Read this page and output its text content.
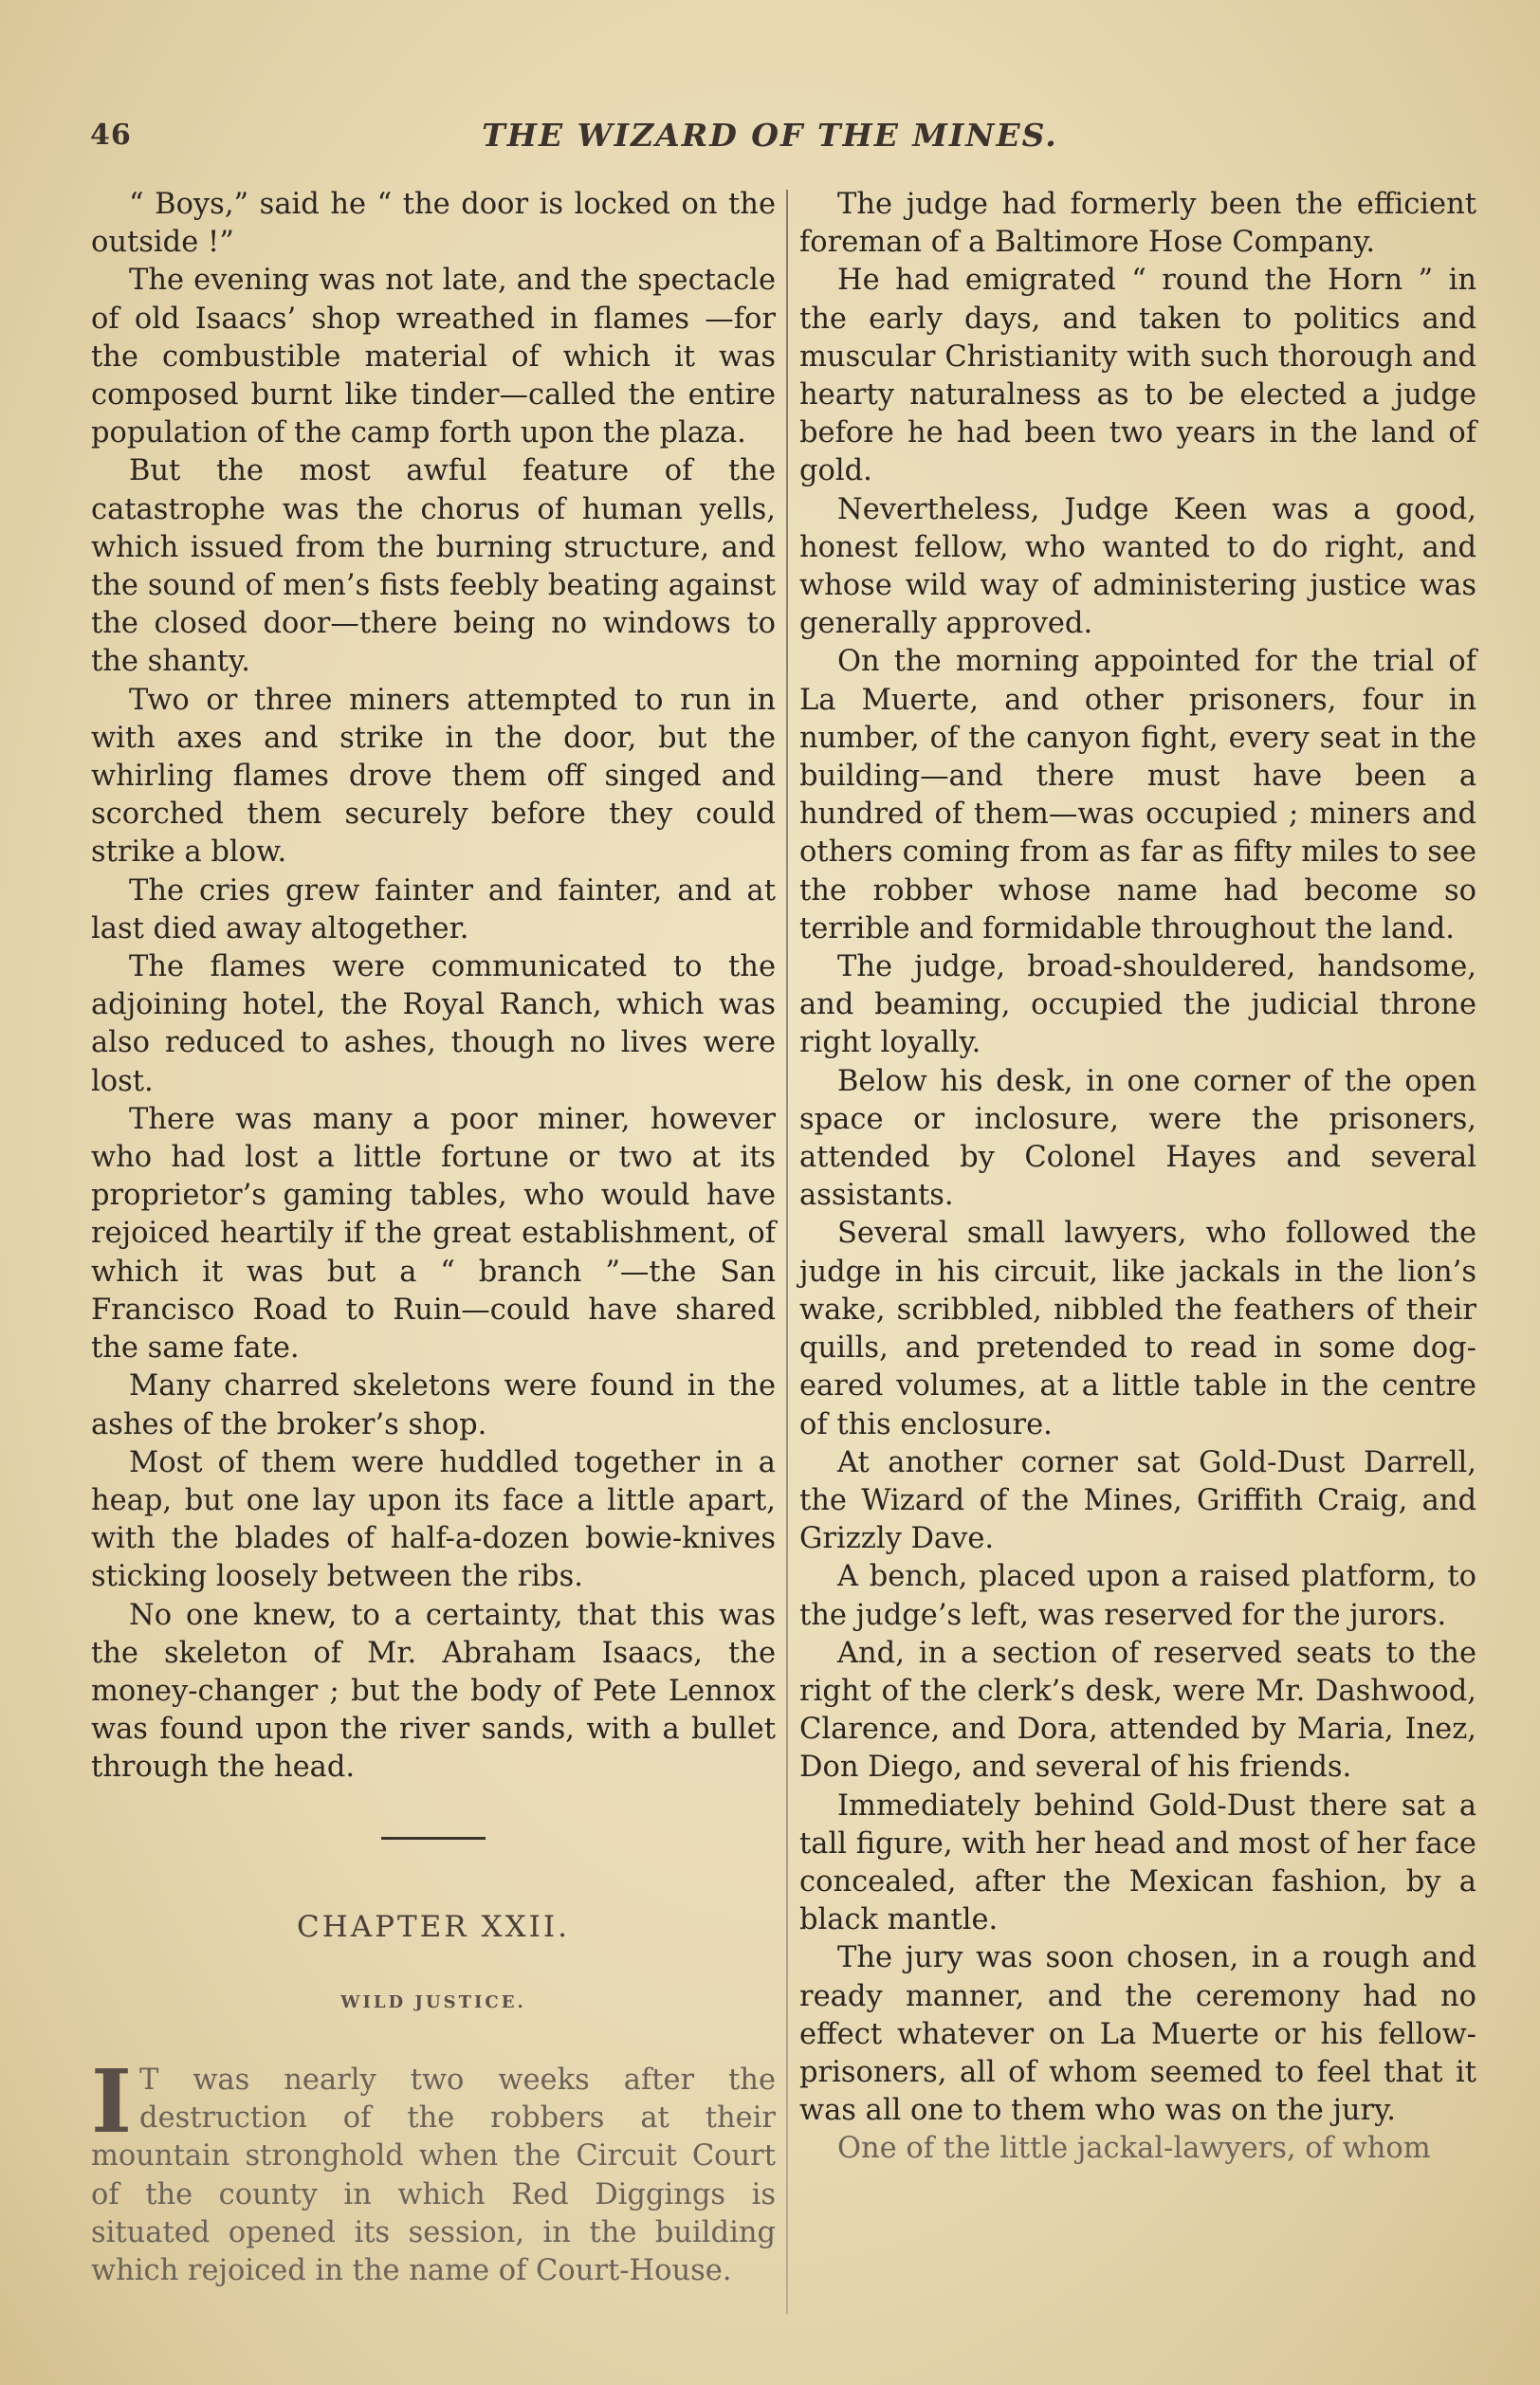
46	THE WIZARD OF THE MINES.

“ Boys,” said he “ the door is locked on the outside !”

The evening was not late, and the spectacle of old Isaacs’ shop wreathed in flames —for the combustible material of which it was composed burnt like tinder—called the entire population of the camp forth upon the plaza.

But the most awful feature of the catastrophe was the chorus of human yells, which issued from the burning structure, and the sound of men’s fists feebly beating against the closed door—there being no windows to the shanty.

Two or three miners attempted to run in with axes and strike in the door, but the whirling flames drove them off singed and scorched them securely before they could strike a blow.

The cries grew fainter and fainter, and at last died away altogether.

The flames were communicated to the adjoining hotel, the Royal Ranch, which was also reduced to ashes, though no lives were lost.

There was many a poor miner, however who had lost a little fortune or two at its proprietor’s gaming tables, who would have rejoiced heartily if the great establishment, of which it was but a “ branch ”—the San Francisco Road to Ruin—could have shared the same fate.

Many charred skeletons were found in the ashes of the broker’s shop.

Most of them were huddled together in a heap, but one lay upon its face a little apart, with the blades of half-a-dozen bowie-knives sticking loosely between the ribs.

No one knew, to a certainty, that this was the skeleton of Mr. Abraham Isaacs, the money-changer ; but the body of Pete Lennox was found upon the river sands, with a bullet through the head.

CHAPTER XXII.
WILD JUSTICE.

I T was nearly two weeks after the destruction of the robbers at their mountain stronghold when the Circuit Court of the county in which Red Diggings is situated opened its session, in the building which rejoiced in the name of Court-House.

The judge had formerly been the efficient foreman of a Baltimore Hose Company.

He had emigrated “ round the Horn ” in the early days, and taken to politics and muscular Christianity with such thorough and hearty naturalness as to be elected a judge before he had been two years in the land of gold.

Nevertheless, Judge Keen was a good, honest fellow, who wanted to do right, and whose wild way of administering justice was generally approved.

On the morning appointed for the trial of La Muerte, and other prisoners, four in number, of the canyon fight, every seat in the building—and there must have been a hundred of them—was occupied ; miners and others coming from as far as fifty miles to see the robber whose name had become so terrible and formidable throughout the land.

The judge, broad-shouldered, handsome, and beaming, occupied the judicial throne right loyally.

Below his desk, in one corner of the open space or inclosure, were the prisoners, attended by Colonel Hayes and several assistants.

Several small lawyers, who followed the judge in his circuit, like jackals in the lion’s wake, scribbled, nibbled the feathers of their quills, and pretended to read in some dog-eared volumes, at a little table in the centre of this enclosure.

At another corner sat Gold-Dust Darrell, the Wizard of the Mines, Griffith Craig, and Grizzly Dave.

A bench, placed upon a raised platform, to the judge’s left, was reserved for the jurors.

And, in a section of reserved seats to the right of the clerk’s desk, were Mr. Dashwood, Clarence, and Dora, attended by Maria, Inez, Don Diego, and several of his friends.

Immediately behind Gold-Dust there sat a tall figure, with her head and most of her face concealed, after the Mexican fashion, by a black mantle.

The jury was soon chosen, in a rough and ready manner, and the ceremony had no effect whatever on La Muerte or his fellow-prisoners, all of whom seemed to feel that it was all one to them who was on the jury.

One of the little jackal-lawyers, of whom
